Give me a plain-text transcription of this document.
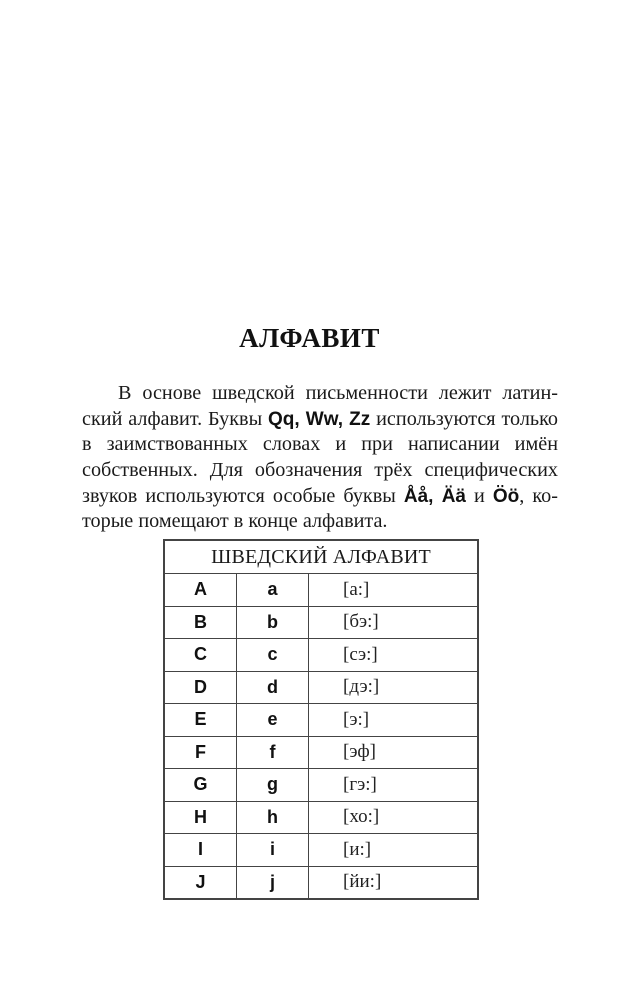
АЛФАВИТ

В основе шведской письменности лежит латинский алфавит. Буквы Qq, Ww, Zz используются только в заимствованных словах и при написании имён собственных. Для обозначения трёх специфических звуков используются особые буквы Åå, Ää и Öö, которые помещают в конце алфавита.

ШВЕДСКИЙ АЛФАВИТ		
A	a	[а:]
B	b	[бэ:]
C	c	[сэ:]
D	d	[дэ:]
E	e	[э:]
F	f	[эф]
G	g	[гэ:]
H	h	[хо:]
I	i	[и:]
J	j	[йи:]
